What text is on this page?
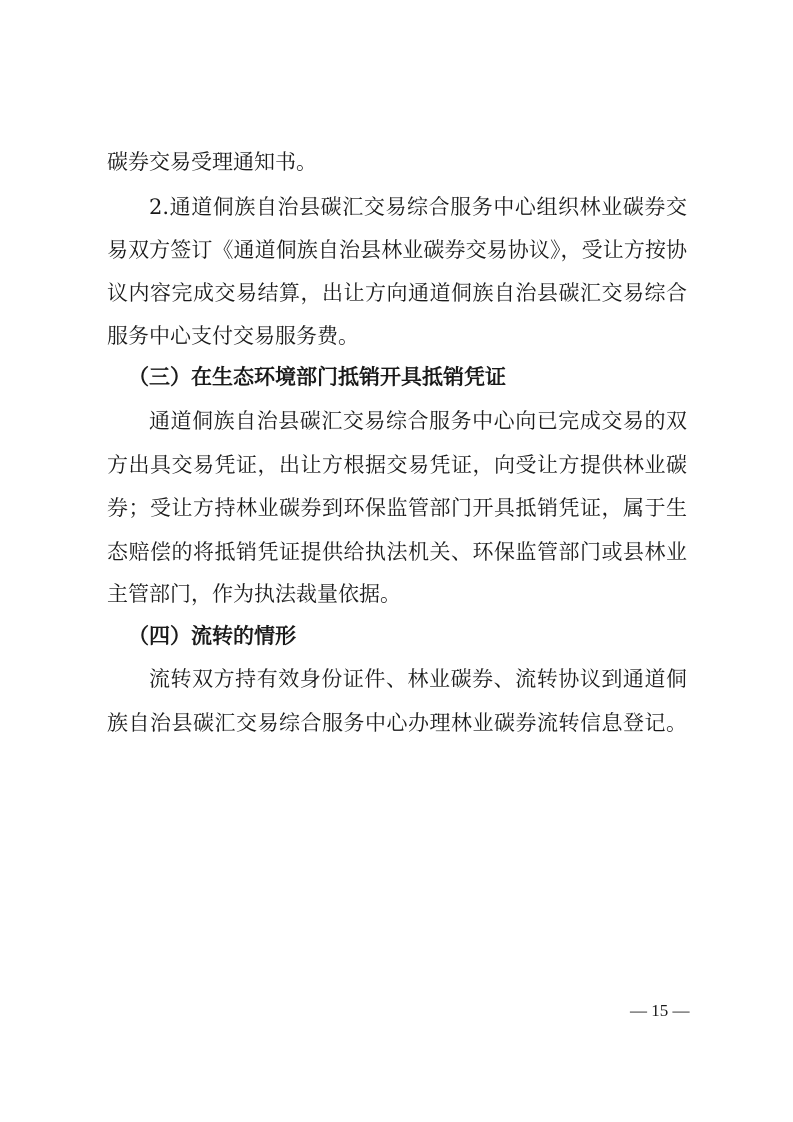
碳券交易受理通知书。
2.通道侗族自治县碳汇交易综合服务中心组织林业碳券交
易双方签订《通道侗族自治县林业碳券交易协议》，受让方按协
议内容完成交易结算，出让方向通道侗族自治县碳汇交易综合
服务中心支付交易服务费。
（三）在生态环境部门抵销开具抵销凭证
通道侗族自治县碳汇交易综合服务中心向已完成交易的双
方出具交易凭证，出让方根据交易凭证，向受让方提供林业碳
券；受让方持林业碳券到环保监管部门开具抵销凭证，属于生
态赔偿的将抵销凭证提供给执法机关、环保监管部门或县林业
主管部门，作为执法裁量依据。
（四）流转的情形
流转双方持有效身份证件、林业碳券、流转协议到通道侗
族自治县碳汇交易综合服务中心办理林业碳券流转信息登记。
— 15 —
